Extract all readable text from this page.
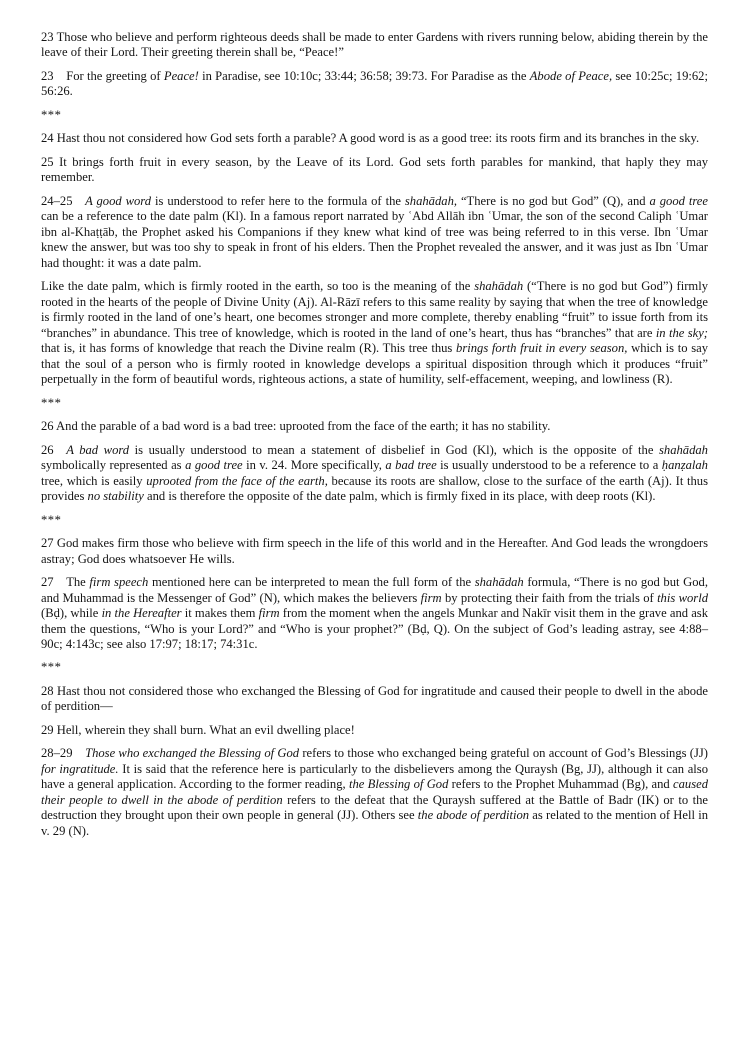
23 Those who believe and perform righteous deeds shall be made to enter Gardens with rivers running below, abiding therein by the leave of their Lord. Their greeting therein shall be, “Peace!”

23 For the greeting of Peace! in Paradise, see 10:10c; 33:44; 36:58; 39:73. For Paradise as the Abode of Peace, see 10:25c; 19:62; 56:26.

***

24 Hast thou not considered how God sets forth a parable? A good word is as a good tree: its roots firm and its branches in the sky.

25 It brings forth fruit in every season, by the Leave of its Lord. God sets forth parables for mankind, that haply they may remember.

24–25 A good word is understood to refer here to the formula of the shahādah, “There is no god but God” (Q), and a good tree can be a reference to the date palm (Kl). In a famous report narrated by ʿAbd Allāh ibn ʿUmar, the son of the second Caliph ʿUmar ibn al-Khaṭṭāb, the Prophet asked his Companions if they knew what kind of tree was being referred to in this verse. Ibn ʿUmar knew the answer, but was too shy to speak in front of his elders. Then the Prophet revealed the answer, and it was just as Ibn ʿUmar had thought: it was a date palm.

Like the date palm, which is firmly rooted in the earth, so too is the meaning of the shahādah (“There is no god but God”) firmly rooted in the hearts of the people of Divine Unity (Aj). Al-Rāzī refers to this same reality by saying that when the tree of knowledge is firmly rooted in the land of one’s heart, one becomes stronger and more complete, thereby enabling “fruit” to issue forth from its “branches” in abundance. This tree of knowledge, which is rooted in the land of one’s heart, thus has “branches” that are in the sky; that is, it has forms of knowledge that reach the Divine realm (R). This tree thus brings forth fruit in every season, which is to say that the soul of a person who is firmly rooted in knowledge develops a spiritual disposition through which it produces “fruit” perpetually in the form of beautiful words, righteous actions, a state of humility, self-effacement, weeping, and lowliness (R).

***

26 And the parable of a bad word is a bad tree: uprooted from the face of the earth; it has no stability.

26 A bad word is usually understood to mean a statement of disbelief in God (Kl), which is the opposite of the shahādah symbolically represented as a good tree in v. 24. More specifically, a bad tree is usually understood to be a reference to a ḥanẓalah tree, which is easily uprooted from the face of the earth, because its roots are shallow, close to the surface of the earth (Aj). It thus provides no stability and is therefore the opposite of the date palm, which is firmly fixed in its place, with deep roots (Kl).

***

27 God makes firm those who believe with firm speech in the life of this world and in the Hereafter. And God leads the wrongdoers astray; God does whatsoever He wills.

27 The firm speech mentioned here can be interpreted to mean the full form of the shahādah formula, “There is no god but God, and Muhammad is the Messenger of God” (N), which makes the believers firm by protecting their faith from the trials of this world (Bḍ), while in the Hereafter it makes them firm from the moment when the angels Munkar and Nakīr visit them in the grave and ask them the questions, “Who is your Lord?” and “Who is your prophet?” (Bḍ, Q). On the subject of God’s leading astray, see 4:88–90c; 4:143c; see also 17:97; 18:17; 74:31c.

***

28 Hast thou not considered those who exchanged the Blessing of God for ingratitude and caused their people to dwell in the abode of perdition—

29 Hell, wherein they shall burn. What an evil dwelling place!

28–29 Those who exchanged the Blessing of God refers to those who exchanged being grateful on account of God’s Blessings (JJ) for ingratitude. It is said that the reference here is particularly to the disbelievers among the Quraysh (Bg, JJ), although it can also have a general application. According to the former reading, the Blessing of God refers to the Prophet Muhammad (Bg), and caused their people to dwell in the abode of perdition refers to the defeat that the Quraysh suffered at the Battle of Badr (IK) or to the destruction they brought upon their own people in general (JJ). Others see the abode of perdition as related to the mention of Hell in v. 29 (N).
